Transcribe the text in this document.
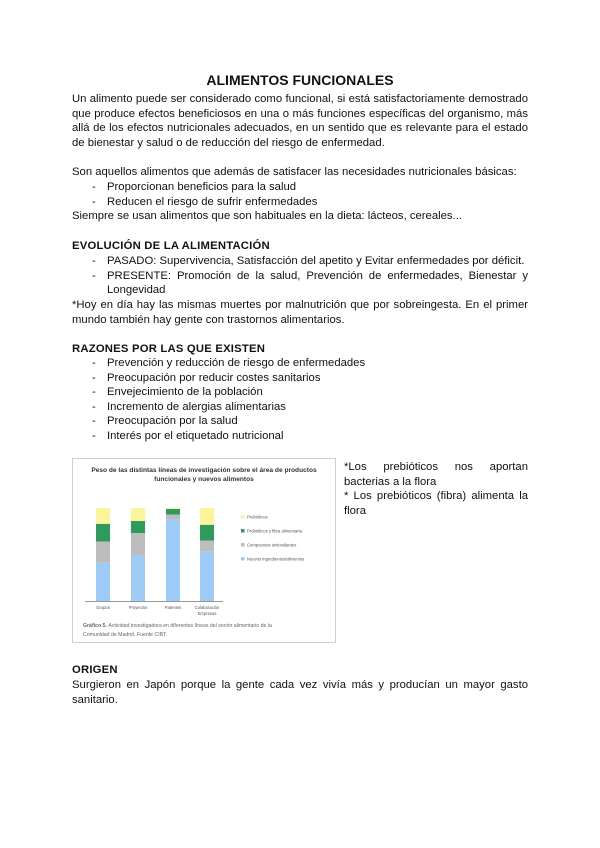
ALIMENTOS FUNCIONALES
Un alimento puede ser considerado como funcional, si está satisfactoriamente demostrado que produce efectos beneficiosos en una o más funciones específicas del organismo, más allá de los efectos nutricionales adecuados, en un sentido que es relevante para el estado de bienestar y salud o de reducción del riesgo de enfermedad.
Son aquellos alimentos que además de satisfacer las necesidades nutricionales básicas:
- Proporcionan beneficios para la salud
- Reducen el riesgo de sufrir enfermedades
Siempre se usan alimentos que son habituales en la dieta: lácteos, cereales...
EVOLUCIÓN DE LA ALIMENTACIÓN
- PASADO: Supervivencia, Satisfacción del apetito y Evitar enfermedades por déficit.
- PRESENTE: Promoción de la salud, Prevención de enfermedades, Bienestar y Longevidad
*Hoy en día hay las mismas muertes por malnutrición que por sobreingesta. En el primer mundo también hay gente con trastornos alimentarios.
RAZONES POR LAS QUE EXISTEN
- Prevención y reducción de riesgo de enfermedades
- Preocupación por reducir costes sanitarios
- Envejecimiento de la población
- Incremento de alergias alimentarias
- Preocupación por la salud
- Interés por el etiquetado nutricional
Peso de las distintas líneas de investigación sobre el área de productos
funcionales y nuevos alimentos
Grupos	Proyectos	Patentes	Colaboración
Empresas
Prebióticos
Probióticos y fibra alimentaria
Compuestos antioxidantes
Nuevos ingredientes/alimentos
Gráfico 5. Actividad investigadora en diferentes líneas del sector alimentario de la
Comunidad de Madrid. Fuente CIBT.
*Los prebióticos nos aportan bacterias a la flora
* Los prebióticos (fibra) alimenta la flora
ORIGEN
Surgieron en Japón porque la gente cada vez vivía más y producían un mayor gasto sanitario.
